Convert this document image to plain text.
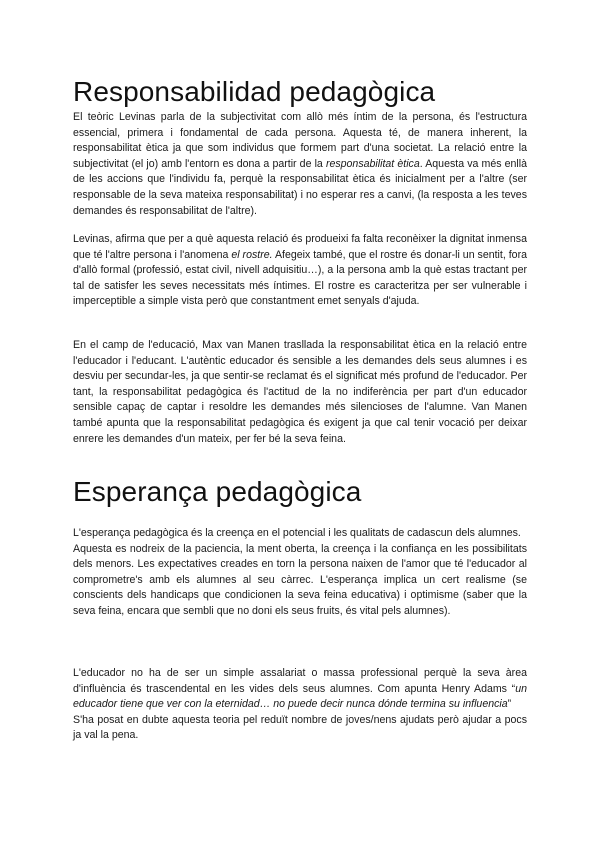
Responsabilidad pedagògica

El teòric Levinas parla de la subjectivitat com allò més íntim de la persona, és l'estructura essencial, primera i fondamental de cada persona. Aquesta té, de manera inherent, la responsabilitat ètica ja que som individus que formem part d'una societat. La relació entre la subjectivitat (el jo) amb l'entorn es dona a partir de la responsabilitat ètica. Aquesta va més enllà de les accions que l'individu fa, perquè la responsabilitat ètica és inicialment per a l'altre (ser responsable de la seva mateixa responsabilitat) i no esperar res a canvi, (la resposta a les teves demandes és responsabilitat de l'altre).

Levinas, afirma que per a què aquesta relació és produeixi fa falta reconèixer la dignitat inmensa que té l'altre persona i l'anomena el rostre. Afegeix també, que el rostre és donar-li un sentit, fora d'allò formal (professió, estat civil, nivell adquisitiu…), a la persona amb la què estas tractant per tal de satisfer les seves necessitats més íntimes. El rostre es caracteritza per ser vulnerable i imperceptible a simple vista però que constantment emet senyals d'ajuda.

En el camp de l'educació, Max van Manen trasllada la responsabilitat ètica en la relació entre l'educador i l'educant. L'autèntic educador és sensible a les demandes dels seus alumnes i es desviu per secundar-les, ja que sentir-se reclamat és el significat més profund de l'educador. Per tant, la responsabilitat pedagògica és l'actitud de la no indiferència per part d'un educador sensible capaç de captar i resoldre les demandes més silencioses de l'alumne. Van Manen també apunta que la responsabilitat pedagògica és exigent ja que cal tenir vocació per deixar enrere les demandes d'un mateix, per fer bé la seva feina.

Esperança pedagògica

L'esperança pedagògica és la creença en el potencial i les qualitats de cadascun dels alumnes.
Aquesta es nodreix de la paciencia, la ment oberta, la creença i la confiança en les possibilitats dels menors. Les expectatives creades en torn la persona naixen de l'amor que té l'educador al comprometre's amb els alumnes al seu càrrec. L'esperança implica un cert realisme (se conscients dels handicaps que condicionen la seva feina educativa) i optimisme (saber que la seva feina, encara que sembli que no doni els seus fruits, és vital pels alumnes).

L'educador no ha de ser un simple assalariat o massa professional perquè la seva àrea d'influència és trascendental en les vides dels seus alumnes. Com apunta Henry Adams “un educador tiene que ver con la eternidad… no puede decir nunca dónde termina su influencia”
S'ha posat en dubte aquesta teoria pel reduït nombre de joves/nens ajudats però ajudar a pocs ja val la pena.
